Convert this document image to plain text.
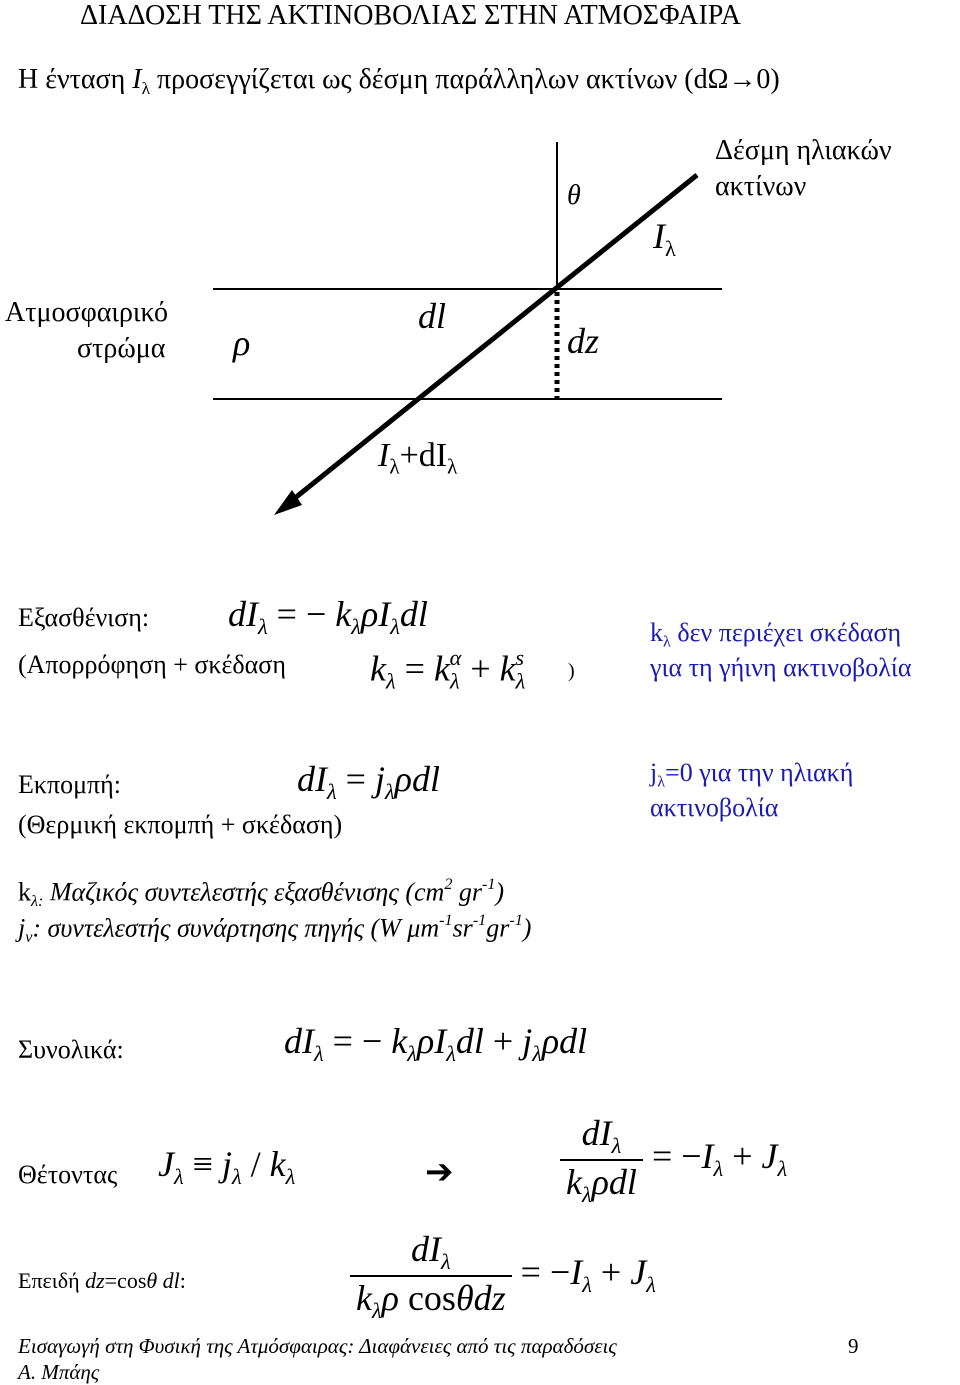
ΔΙΑΔΟΣΗ ΤΗΣ ΑΚΤΙΝΟΒΟΛΙΑΣ ΣΤΗΝ ΑΤΜΟΣΦΑΙΡΑ
Η ένταση $I_\lambda$ προσεγγίζεται ως δέσμη παράλληλων ακτίνων (dΩ→0)
θ
Δέσμη ηλιακών
ακτίνων
$I_\lambda$
Ατμοσφαιρικό
στρώμα ρ
dl
dz
$I_\lambda+dI_\lambda$
Εξασθένιση:
(Απορρόφηση + σκέδαση
$dI_\lambda$ = − $k_\lambda\rho I_\lambda dl$
$k_\lambda = k_\lambda^\alpha + k_\lambda^s$
)
$k_\lambda$ δεν περιέχει σκέδαση
για τη γήινη ακτινοβολία
Εκπομπή:
(Θερμική εκπομπή + σκέδαση)
$dI_\lambda = j_\lambda\rho dl$	$j_\lambda=0$ για την ηλιακή
ακτινοβολία
$k_{\lambda:}$ Μαζικός συντελεστής εξασθένισης ($cm^2$ $gr^{-1}$)
$j_\nu$: συντελεστής συνάρτησης πηγής (W $\mu m^{-1}sr^{-1}gr^{-1}$)
Συνολικά:	$dI_\lambda$ = − $k_\lambda\rho I_\lambda dl + j_\lambda\rho dl$
Θέτοντας $J_\lambda \equiv j_\lambda / k_\lambda$	➔	$\frac{dI_\lambda}{k_\lambda\rho dl} = -I_\lambda + J_\lambda$
Επειδή dz=cosθ dl:	$\frac{dI_\lambda}{k_\lambda\rho \cos\theta dz} = -I_\lambda + J_\lambda$
Εισαγωγή στη Φυσική της Ατμόσφαιρας: Διαφάνειες από τις παραδόσεις
Α. Μπάης
9
